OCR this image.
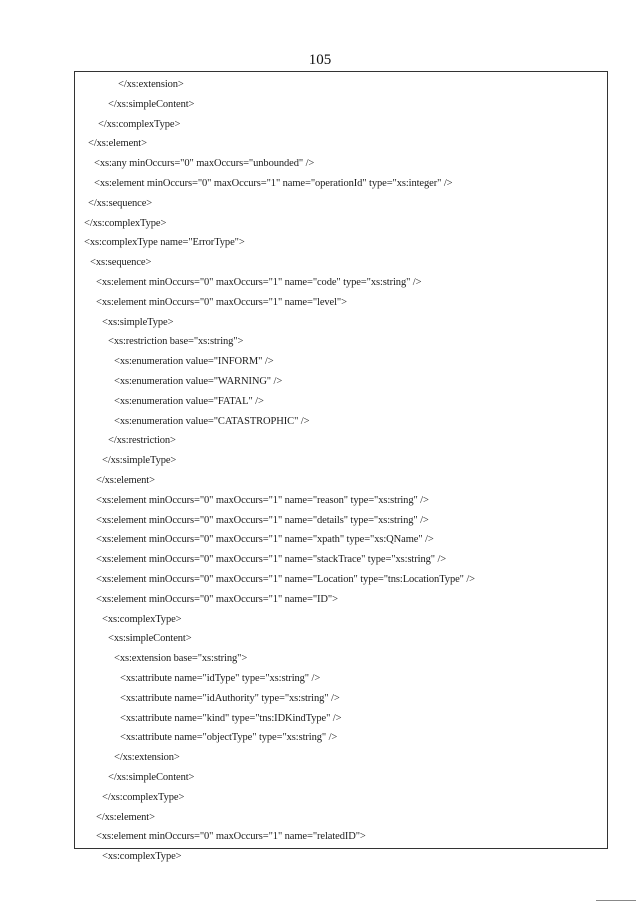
105
</xs:extension>
</xs:simpleContent>
</xs:complexType>
</xs:element>
<xs:any minOccurs="0" maxOccurs="unbounded" />
<xs:element minOccurs="0" maxOccurs="1" name="operationId" type="xs:integer" />
</xs:sequence>
</xs:complexType>
<xs:complexType name="ErrorType">
<xs:sequence>
<xs:element minOccurs="0" maxOccurs="1" name="code" type="xs:string" />
<xs:element minOccurs="0" maxOccurs="1" name="level">
<xs:simpleType>
<xs:restriction base="xs:string">
<xs:enumeration value="INFORM" />
<xs:enumeration value="WARNING" />
<xs:enumeration value="FATAL" />
<xs:enumeration value="CATASTROPHIC" />
</xs:restriction>
</xs:simpleType>
</xs:element>
<xs:element minOccurs="0" maxOccurs="1" name="reason" type="xs:string" />
<xs:element minOccurs="0" maxOccurs="1" name="details" type="xs:string" />
<xs:element minOccurs="0" maxOccurs="1" name="xpath" type="xs:QName" />
<xs:element minOccurs="0" maxOccurs="1" name="stackTrace" type="xs:string" />
<xs:element minOccurs="0" maxOccurs="1" name="Location" type="tns:LocationType" />
<xs:element minOccurs="0" maxOccurs="1" name="ID">
<xs:complexType>
<xs:simpleContent>
<xs:extension base="xs:string">
<xs:attribute name="idType" type="xs:string" />
<xs:attribute name="idAuthority" type="xs:string" />
<xs:attribute name="kind" type="tns:IDKindType" />
<xs:attribute name="objectType" type="xs:string" />
</xs:extension>
</xs:simpleContent>
</xs:complexType>
</xs:element>
<xs:element minOccurs="0" maxOccurs="1" name="relatedID">
<xs:complexType>
